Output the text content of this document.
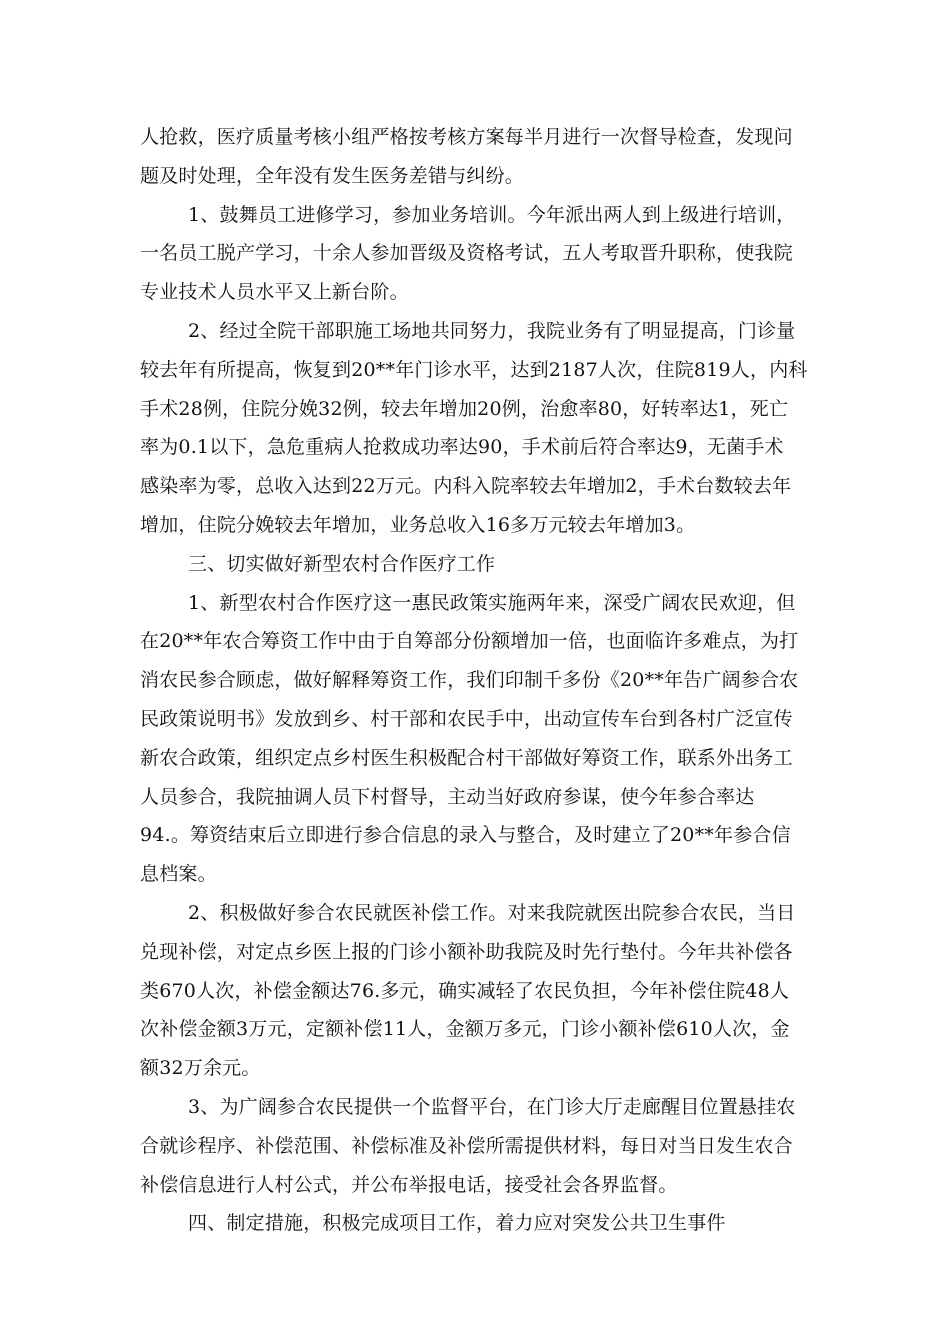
人抢救，医疗质量考核小组严格按考核方案每半月进行一次督导检查，发现问
题及时处理，全年没有发生医务差错与纠纷。
1、鼓舞员工进修学习，参加业务培训。今年派出两人到上级进行培训，
一名员工脱产学习，十余人参加晋级及资格考试，五人考取晋升职称，使我院
专业技术人员水平又上新台阶。
2、经过全院干部职施工场地共同努力，我院业务有了明显提高，门诊量
较去年有所提高，恢复到20**年门诊水平，达到2187人次，住院819人，内科
手术28例，住院分娩32例，较去年增加20例，治愈率80，好转率达1，死亡
率为0.1以下，急危重病人抢救成功率达90，手术前后符合率达9，无菌手术
感染率为零，总收入达到22万元。内科入院率较去年增加2，手术台数较去年
增加，住院分娩较去年增加，业务总收入16多万元较去年增加3。
三、切实做好新型农村合作医疗工作
1、新型农村合作医疗这一惠民政策实施两年来，深受广阔农民欢迎，但
在20**年农合筹资工作中由于自筹部分份额增加一倍，也面临许多难点，为打
消农民参合顾虑，做好解释筹资工作，我们印制千多份《20**年告广阔参合农
民政策说明书》发放到乡、村干部和农民手中，出动宣传车台到各村广泛宣传
新农合政策，组织定点乡村医生积极配合村干部做好筹资工作，联系外出务工
人员参合，我院抽调人员下村督导，主动当好政府参谋，使今年参合率达
94.。筹资结束后立即进行参合信息的录入与整合，及时建立了20**年参合信
息档案。
2、积极做好参合农民就医补偿工作。对来我院就医出院参合农民，当日
兑现补偿，对定点乡医上报的门诊小额补助我院及时先行垫付。今年共补偿各
类670人次，补偿金额达76.多元，确实减轻了农民负担，今年补偿住院48人
次补偿金额3万元，定额补偿11人，金额万多元，门诊小额补偿610人次，金
额32万余元。
3、为广阔参合农民提供一个监督平台，在门诊大厅走廊醒目位置悬挂农
合就诊程序、补偿范围、补偿标准及补偿所需提供材料，每日对当日发生农合
补偿信息进行人村公式，并公布举报电话，接受社会各界监督。
四、制定措施，积极完成项目工作，着力应对突发公共卫生事件
